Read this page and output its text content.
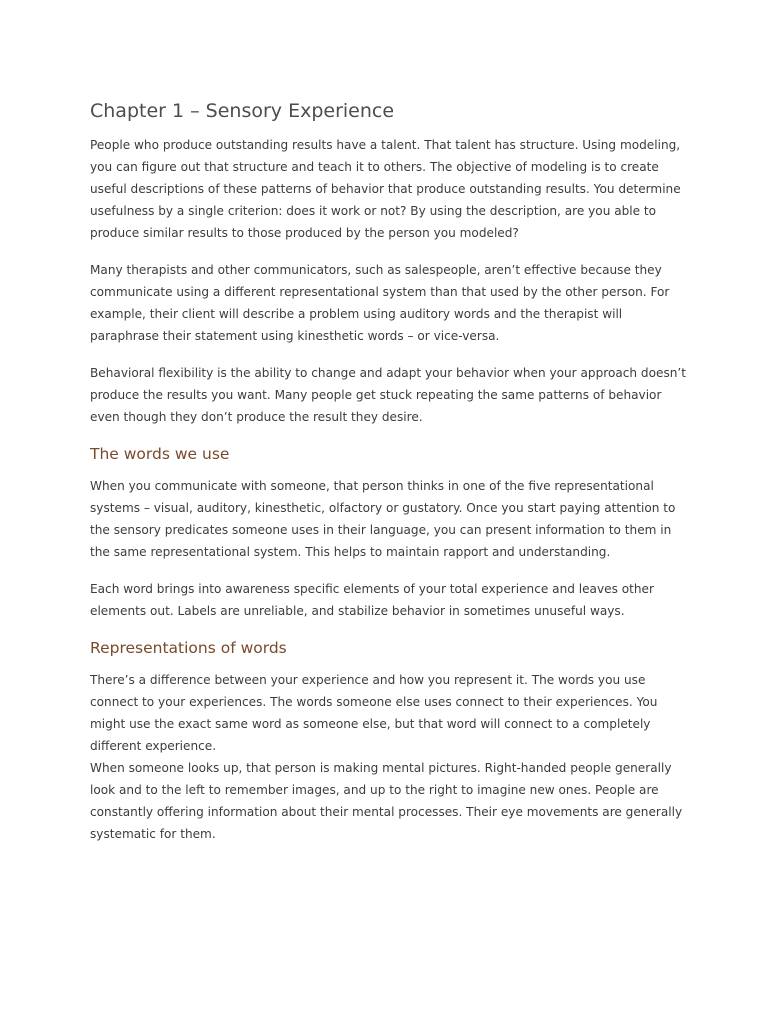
Chapter 1 – Sensory Experience

People who produce outstanding results have a talent. That talent has structure. Using modeling, you can figure out that structure and teach it to others. The objective of modeling is to create useful descriptions of these patterns of behavior that produce outstanding results. You determine usefulness by a single criterion: does it work or not? By using the description, are you able to produce similar results to those produced by the person you modeled?

Many therapists and other communicators, such as salespeople, aren’t effective because they communicate using a different representational system than that used by the other person. For example, their client will describe a problem using auditory words and the therapist will paraphrase their statement using kinesthetic words – or vice-versa.

Behavioral flexibility is the ability to change and adapt your behavior when your approach doesn’t produce the results you want. Many people get stuck repeating the same patterns of behavior even though they don’t produce the result they desire.

The words we use

When you communicate with someone, that person thinks in one of the five representational systems – visual, auditory, kinesthetic, olfactory or gustatory. Once you start paying attention to the sensory predicates someone uses in their language, you can present information to them in the same representational system. This helps to maintain rapport and understanding.

Each word brings into awareness specific elements of your total experience and leaves other elements out. Labels are unreliable, and stabilize behavior in sometimes unuseful ways.

Representations of words

There’s a difference between your experience and how you represent it. The words you use connect to your experiences. The words someone else uses connect to their experiences. You might use the exact same word as someone else, but that word will connect to a completely different experience.

When someone looks up, that person is making mental pictures. Right-handed people generally look and to the left to remember images, and up to the right to imagine new ones. People are constantly offering information about their mental processes. Their eye movements are generally systematic for them.
